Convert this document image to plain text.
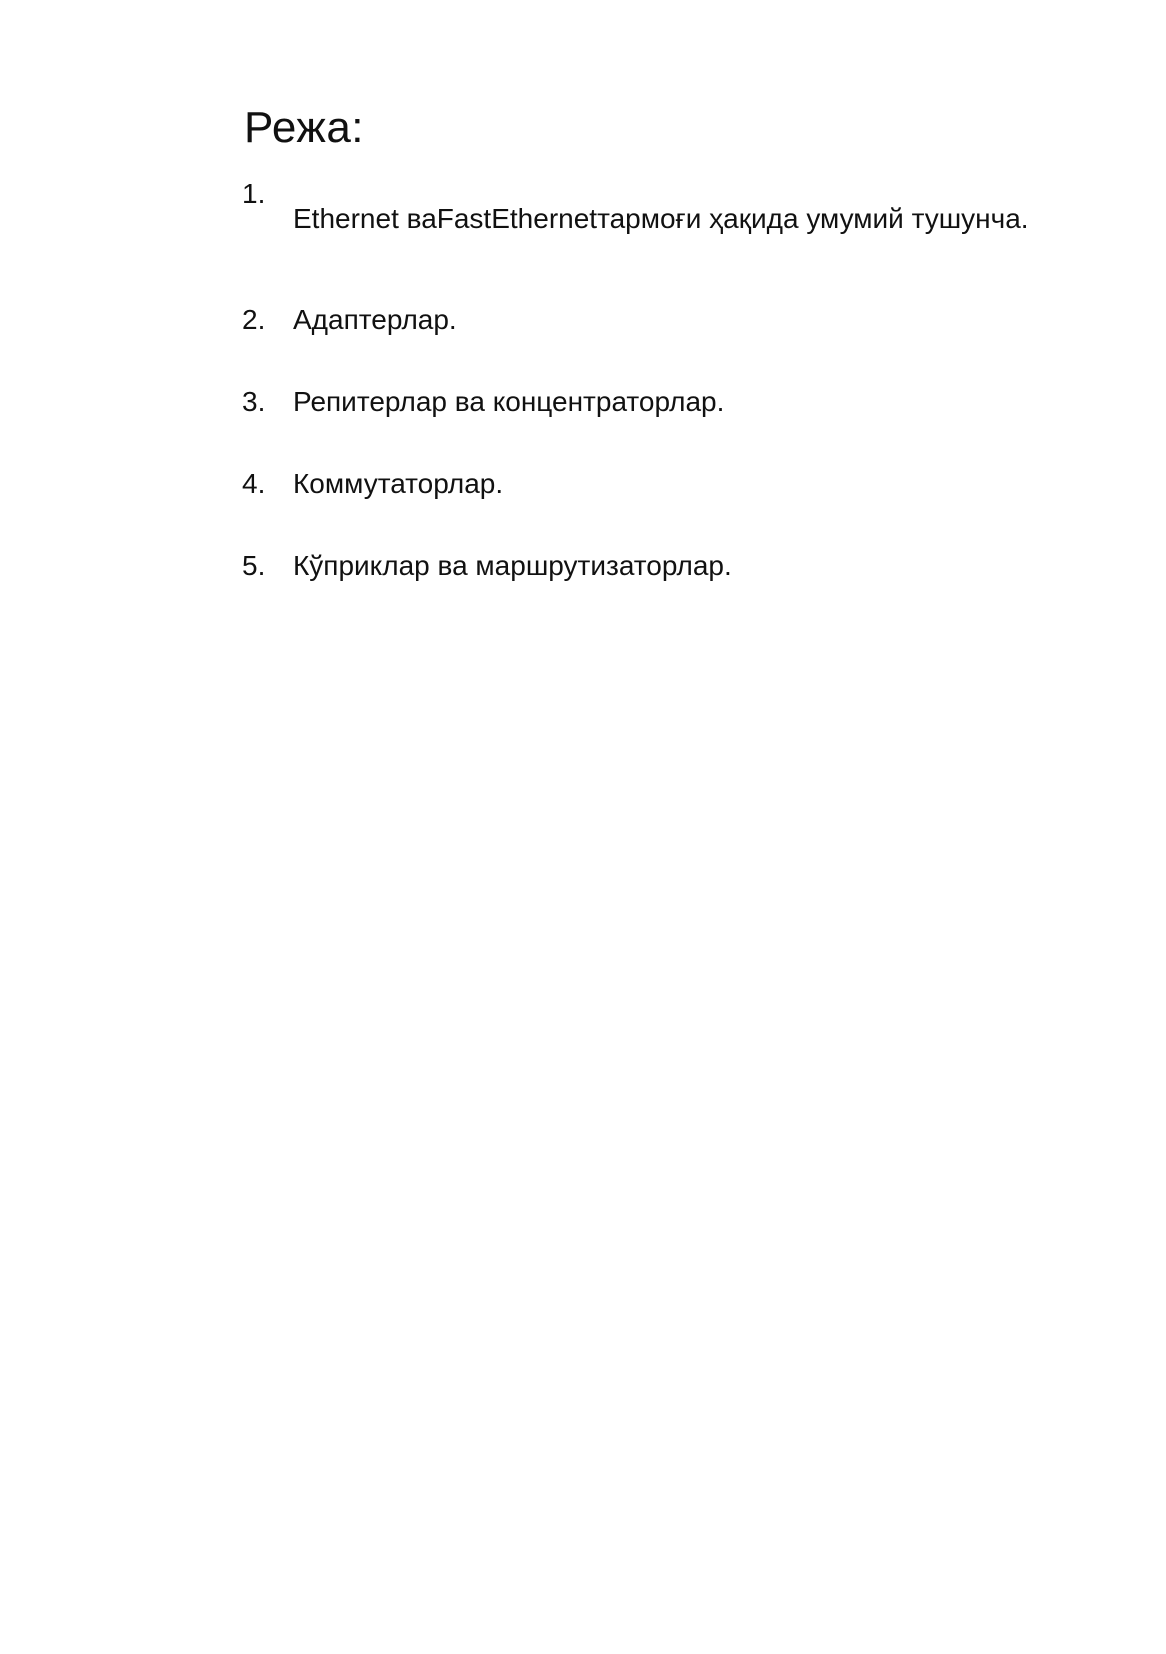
Режа:
1.
Ethernet ваFastEthernetтармоғи ҳақида умумий тушунча.
2. Адаптерлар.
3. Репитерлар ва концентраторлар.
4. Коммутаторлар.
5. Кўприклар ва маршрутизаторлар.
